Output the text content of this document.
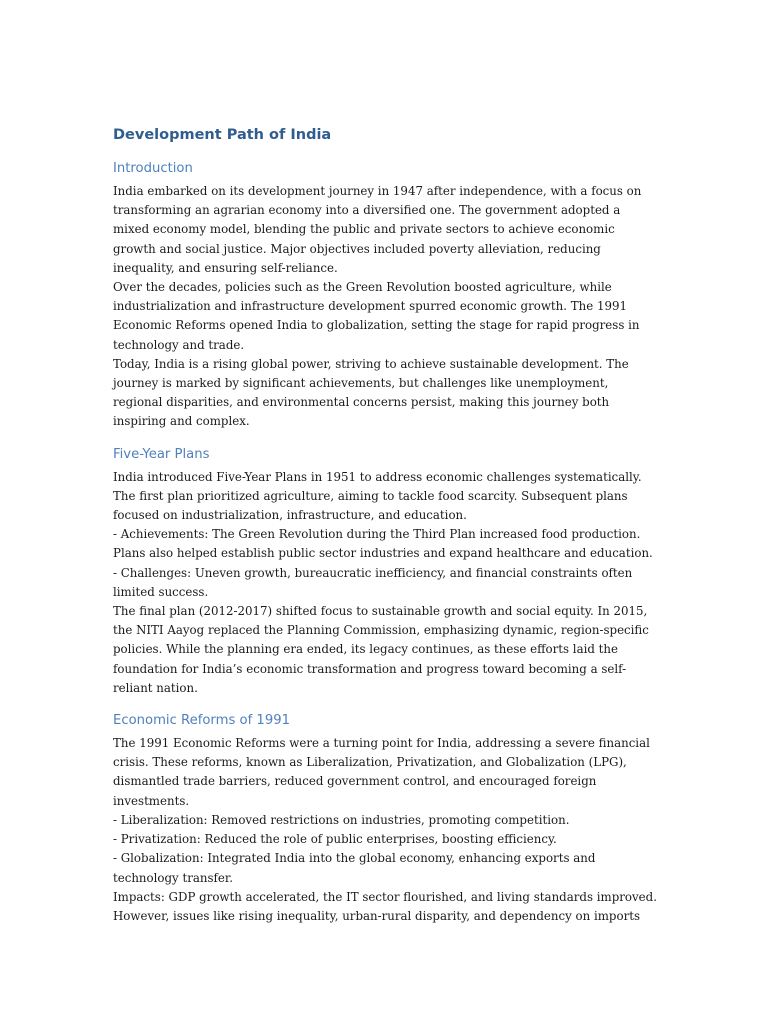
Development Path of India
Introduction

India embarked on its development journey in 1947 after independence, with a focus on transforming an agrarian economy into a diversified one. The government adopted a mixed economy model, blending the public and private sectors to achieve economic growth and social justice. Major objectives included poverty alleviation, reducing inequality, and ensuring self-reliance.

Over the decades, policies such as the Green Revolution boosted agriculture, while industrialization and infrastructure development spurred economic growth. The 1991 Economic Reforms opened India to globalization, setting the stage for rapid progress in technology and trade.

Today, India is a rising global power, striving to achieve sustainable development. The journey is marked by significant achievements, but challenges like unemployment, regional disparities, and environmental concerns persist, making this journey both inspiring and complex.

Five-Year Plans

India introduced Five-Year Plans in 1951 to address economic challenges systematically. The first plan prioritized agriculture, aiming to tackle food scarcity. Subsequent plans focused on industrialization, infrastructure, and education.

- Achievements: The Green Revolution during the Third Plan increased food production. Plans also helped establish public sector industries and expand healthcare and education.

- Challenges: Uneven growth, bureaucratic inefficiency, and financial constraints often limited success.

The final plan (2012-2017) shifted focus to sustainable growth and social equity. In 2015, the NITI Aayog replaced the Planning Commission, emphasizing dynamic, region-specific policies. While the planning era ended, its legacy continues, as these efforts laid the foundation for India’s economic transformation and progress toward becoming a self-reliant nation.

Economic Reforms of 1991

The 1991 Economic Reforms were a turning point for India, addressing a severe financial crisis. These reforms, known as Liberalization, Privatization, and Globalization (LPG), dismantled trade barriers, reduced government control, and encouraged foreign investments.

- Liberalization: Removed restrictions on industries, promoting competition.

- Privatization: Reduced the role of public enterprises, boosting efficiency.

- Globalization: Integrated India into the global economy, enhancing exports and technology transfer.

Impacts: GDP growth accelerated, the IT sector flourished, and living standards improved. However, issues like rising inequality, urban-rural disparity, and dependency on imports
